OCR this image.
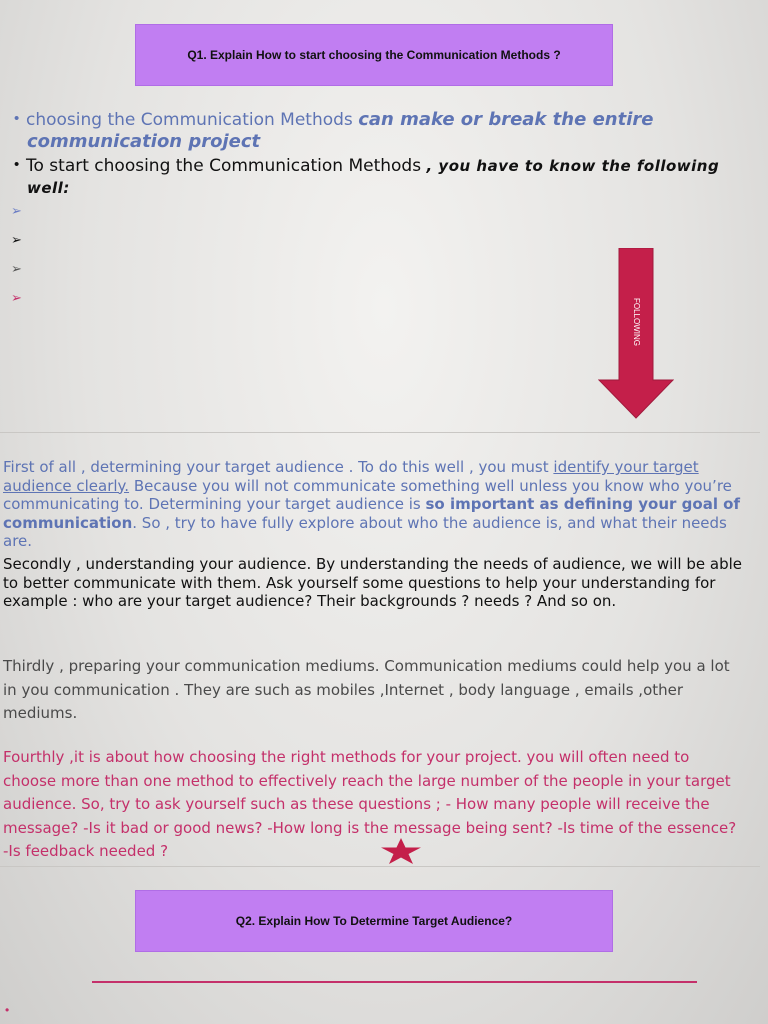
Q1. Explain How to start choosing the Communication Methods ?
• choosing the Communication Methods can make or break the entire
communication project
• To start choosing the Communication Methods , you have to know the following
well:
➢
➢
➢
➢
FOLLOWING

First of all , determining your target audience . To do this well , you must identify your target audience clearly. Because you will not communicate something well unless you know who you’re communicating to. Determining your target audience is so important as defining your goal of communication. So , try to have fully explore about who the audience is, and what their needs are.

Secondly , understanding your audience. By understanding the needs of audience, we will be able to better communicate with them. Ask yourself some questions to help your understanding for example : who are your target audience? Their backgrounds ? needs ? And so on.

Thirdly , preparing your communication mediums. Communication mediums could help you a lot in you communication . They are such as mobiles ,Internet , body language , emails ,other mediums.

Fourthly ,it is about how choosing the right methods for your project. you will often need to choose more than one method to effectively reach the large number of the people in your target audience. So, try to ask yourself such as these questions ; - How many people will receive the message? -Is it bad or good news? -How long is the message being sent? -Is time of the essence? -Is feedback needed ?

Q2. Explain How To Determine Target Audience?
•
